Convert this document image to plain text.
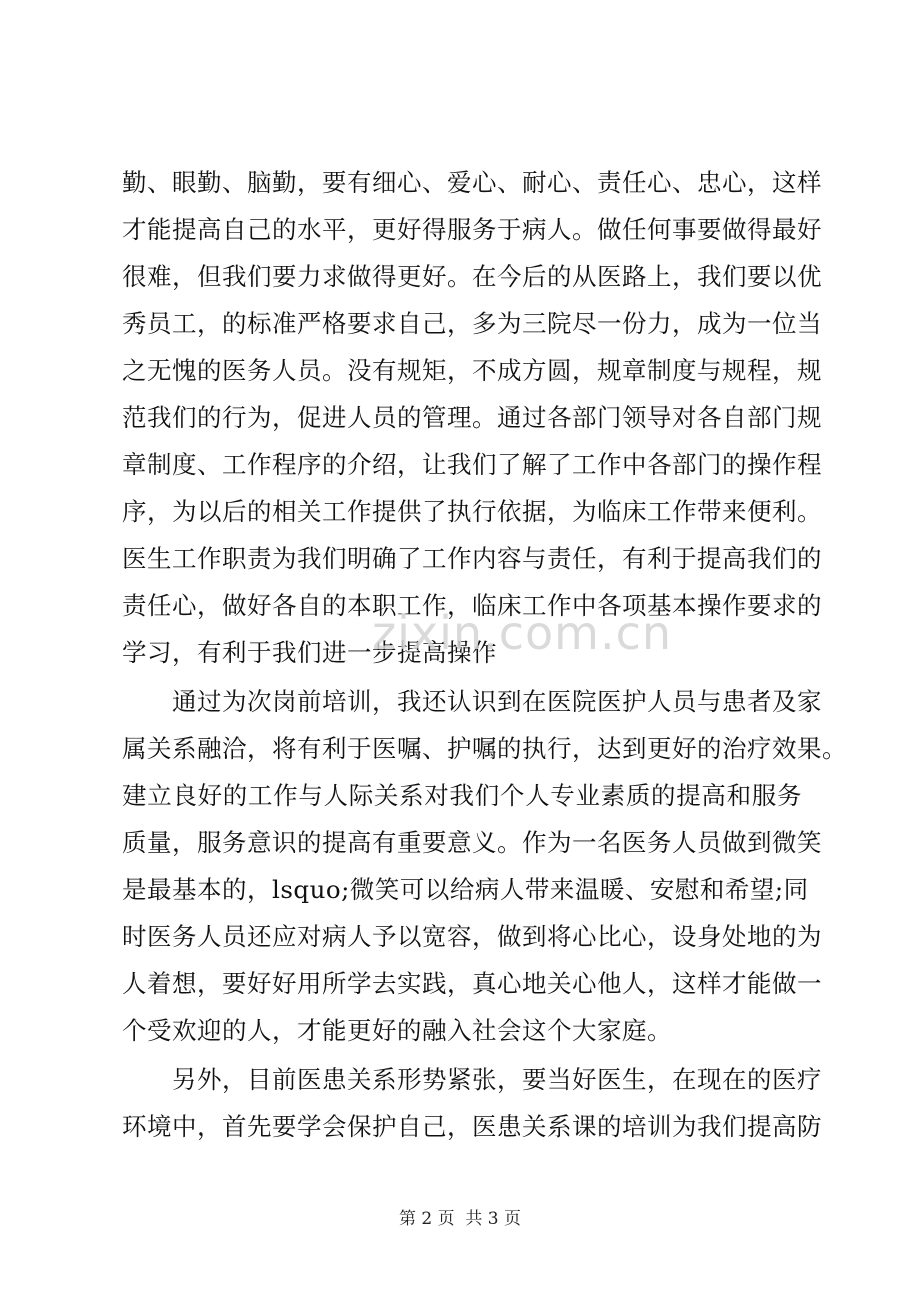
勤、眼勤、脑勤，要有细心、爱心、耐心、责任心、忠心，这样
才能提高自己的水平，更好得服务于病人。做任何事要做得最好
很难，但我们要力求做得更好。在今后的从医路上，我们要以优
秀员工，的标准严格要求自己，多为三院尽一份力，成为一位当
之无愧的医务人员。没有规矩，不成方圆，规章制度与规程，规
范我们的行为，促进人员的管理。通过各部门领导对各自部门规
章制度、工作程序的介绍，让我们了解了工作中各部门的操作程
序，为以后的相关工作提供了执行依据，为临床工作带来便利。
医生工作职责为我们明确了工作内容与责任，有利于提高我们的
责任心，做好各自的本职工作，临床工作中各项基本操作要求的
学习，有利于我们进一步提高操作
通过为次岗前培训，我还认识到在医院医护人员与患者及家
属关系融洽，将有利于医嘱、护嘱的执行，达到更好的治疗效果。
建立良好的工作与人际关系对我们个人专业素质的提高和服务
质量，服务意识的提高有重要意义。作为一名医务人员做到微笑
是最基本的，lsquo;微笑可以给病人带来温暖、安慰和希望;同
时医务人员还应对病人予以宽容，做到将心比心，设身处地的为
人着想，要好好用所学去实践，真心地关心他人，这样才能做一
个受欢迎的人，才能更好的融入社会这个大家庭。
另外，目前医患关系形势紧张，要当好医生，在现在的医疗
环境中，首先要学会保护自己，医患关系课的培训为我们提高防
zixin.com.cn
第 2 页  共 3 页
